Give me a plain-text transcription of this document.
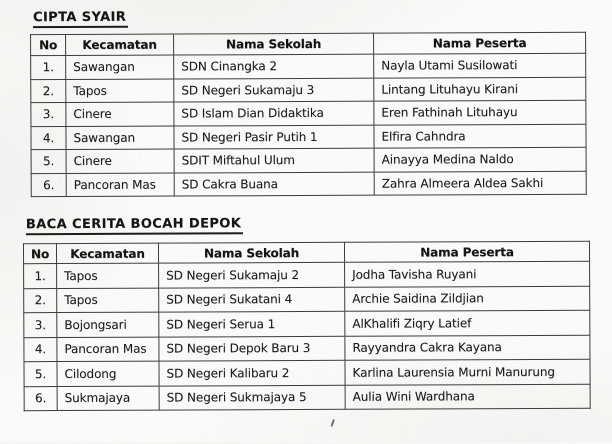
CIPTA SYAIR
No	Kecamatan	Nama Sekolah	Nama Peserta
1.	Sawangan	SDN Cinangka 2	Nayla Utami Susilowati
2.	Tapos	SD Negeri Sukamaju 3	Lintang Lituhayu Kirani
3.	Cinere	SD Islam Dian Didaktika	Eren Fathinah Lituhayu
4.	Sawangan	SD Negeri Pasir Putih 1	Elfira Cahndra
5.	Cinere	SDIT Miftahul Ulum	Ainayya Medina Naldo
6.	Pancoran Mas	SD Cakra Buana	Zahra Almeera Aldea Sakhi
BACA CERITA BOCAH DEPOK
No	Kecamatan	Nama Sekolah	Nama Peserta
1.	Tapos	SD Negeri Sukamaju 2	Jodha Tavisha Ruyani
2.	Tapos	SD Negeri Sukatani 4	Archie Saidina Zildjian
3.	Bojongsari	SD Negeri Serua 1	AlKhalifi Ziqry Latief
4.	Pancoran Mas	SD Negeri Depok Baru 3	Rayyandra Cakra Kayana
5.	Cilodong	SD Negeri Kalibaru 2	Karlina Laurensia Murni Manurung
6.	Sukmajaya	SD Negeri Sukmajaya 5	Aulia Wini Wardhana
